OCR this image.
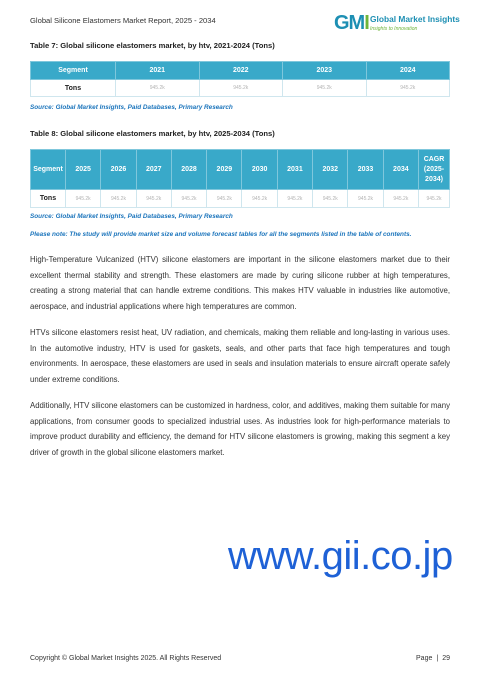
Global Silicone Elastomers Market Report, 2025 - 2034	GMI Global Market Insights
Insights to Innovation
Table 7: Global silicone elastomers market, by htv, 2021-2024 (Tons)
Segment	2021	2022	2023	2024
Tons	945.2k	945.2k	945.2k	945.2k
Source: Global Market Insights, Paid Databases, Primary Research
Table 8: Global silicone elastomers market, by htv, 2025-2034 (Tons)
Segment	2025	2026	2027	2028	2029	2030	2031	2032	2033	2034	CAGR (2025-2034)
Tons	945.2k	945.2k	945.2k	945.2k	945.2k	945.2k	945.2k	945.2k	945.2k	945.2k	945.2k
Source: Global Market Insights, Paid Databases, Primary Research
Please note: The study will provide market size and volume forecast tables for all the segments listed in the table of contents.

High-Temperature Vulcanized (HTV) silicone elastomers are important in the silicone elastomers market due to their excellent thermal stability and strength. These elastomers are made by curing silicone rubber at high temperatures, creating a strong material that can handle extreme conditions. This makes HTV valuable in industries like automotive, aerospace, and industrial applications where high temperatures are common.

HTVs silicone elastomers resist heat, UV radiation, and chemicals, making them reliable and long-lasting in various uses. In the automotive industry, HTV is used for gaskets, seals, and other parts that face high temperatures and tough environments. In aerospace, these elastomers are used in seals and insulation materials to ensure aircraft operate safely under extreme conditions.

Additionally, HTV silicone elastomers can be customized in hardness, color, and additives, making them suitable for many applications, from consumer goods to specialized industrial uses. As industries look for high-performance materials to improve product durability and efficiency, the demand for HTV silicone elastomers is growing, making this segment a key driver of growth in the global silicone elastomers market.

www.gii.co.jp
Copyright © Global Market Insights 2025. All Rights Reserved	Page | 29
